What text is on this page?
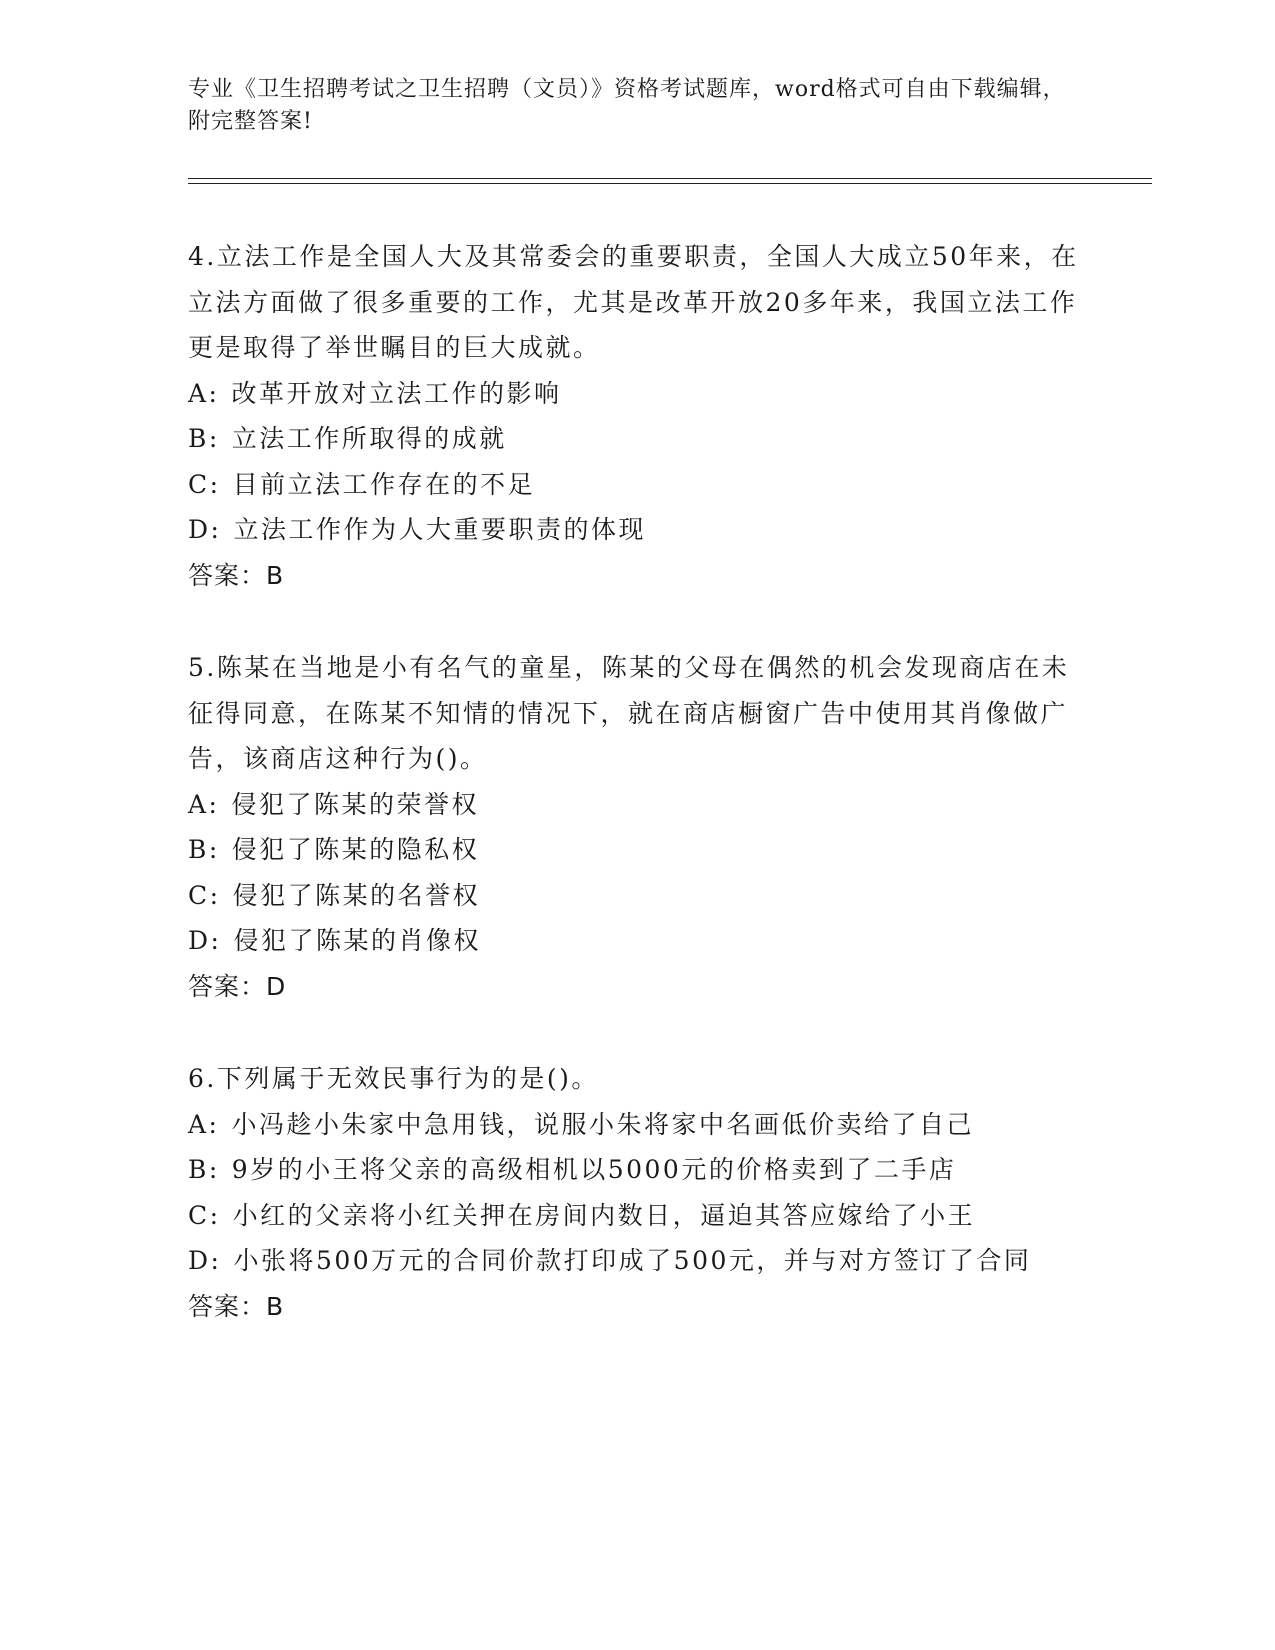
专业《卫生招聘考试之卫生招聘（文员）》资格考试题库，word格式可自由下载编辑，附完整答案!
4.立法工作是全国人大及其常委会的重要职责，全国人大成立50年来，在立法方面做了很多重要的工作，尤其是改革开放20多年来，我国立法工作更是取得了举世瞩目的巨大成就。
A: 改革开放对立法工作的影响
B: 立法工作所取得的成就
C: 目前立法工作存在的不足
D: 立法工作作为人大重要职责的体现
答案：B
5.陈某在当地是小有名气的童星，陈某的父母在偶然的机会发现商店在未征得同意，在陈某不知情的情况下，就在商店橱窗广告中使用其肖像做广告，该商店这种行为()。
A: 侵犯了陈某的荣誉权
B: 侵犯了陈某的隐私权
C: 侵犯了陈某的名誉权
D: 侵犯了陈某的肖像权
答案：D
6.下列属于无效民事行为的是()。
A: 小冯趁小朱家中急用钱，说服小朱将家中名画低价卖给了自己
B: 9岁的小王将父亲的高级相机以5000元的价格卖到了二手店
C: 小红的父亲将小红关押在房间内数日，逼迫其答应嫁给了小王
D: 小张将500万元的合同价款打印成了500元，并与对方签订了合同
答案：B
